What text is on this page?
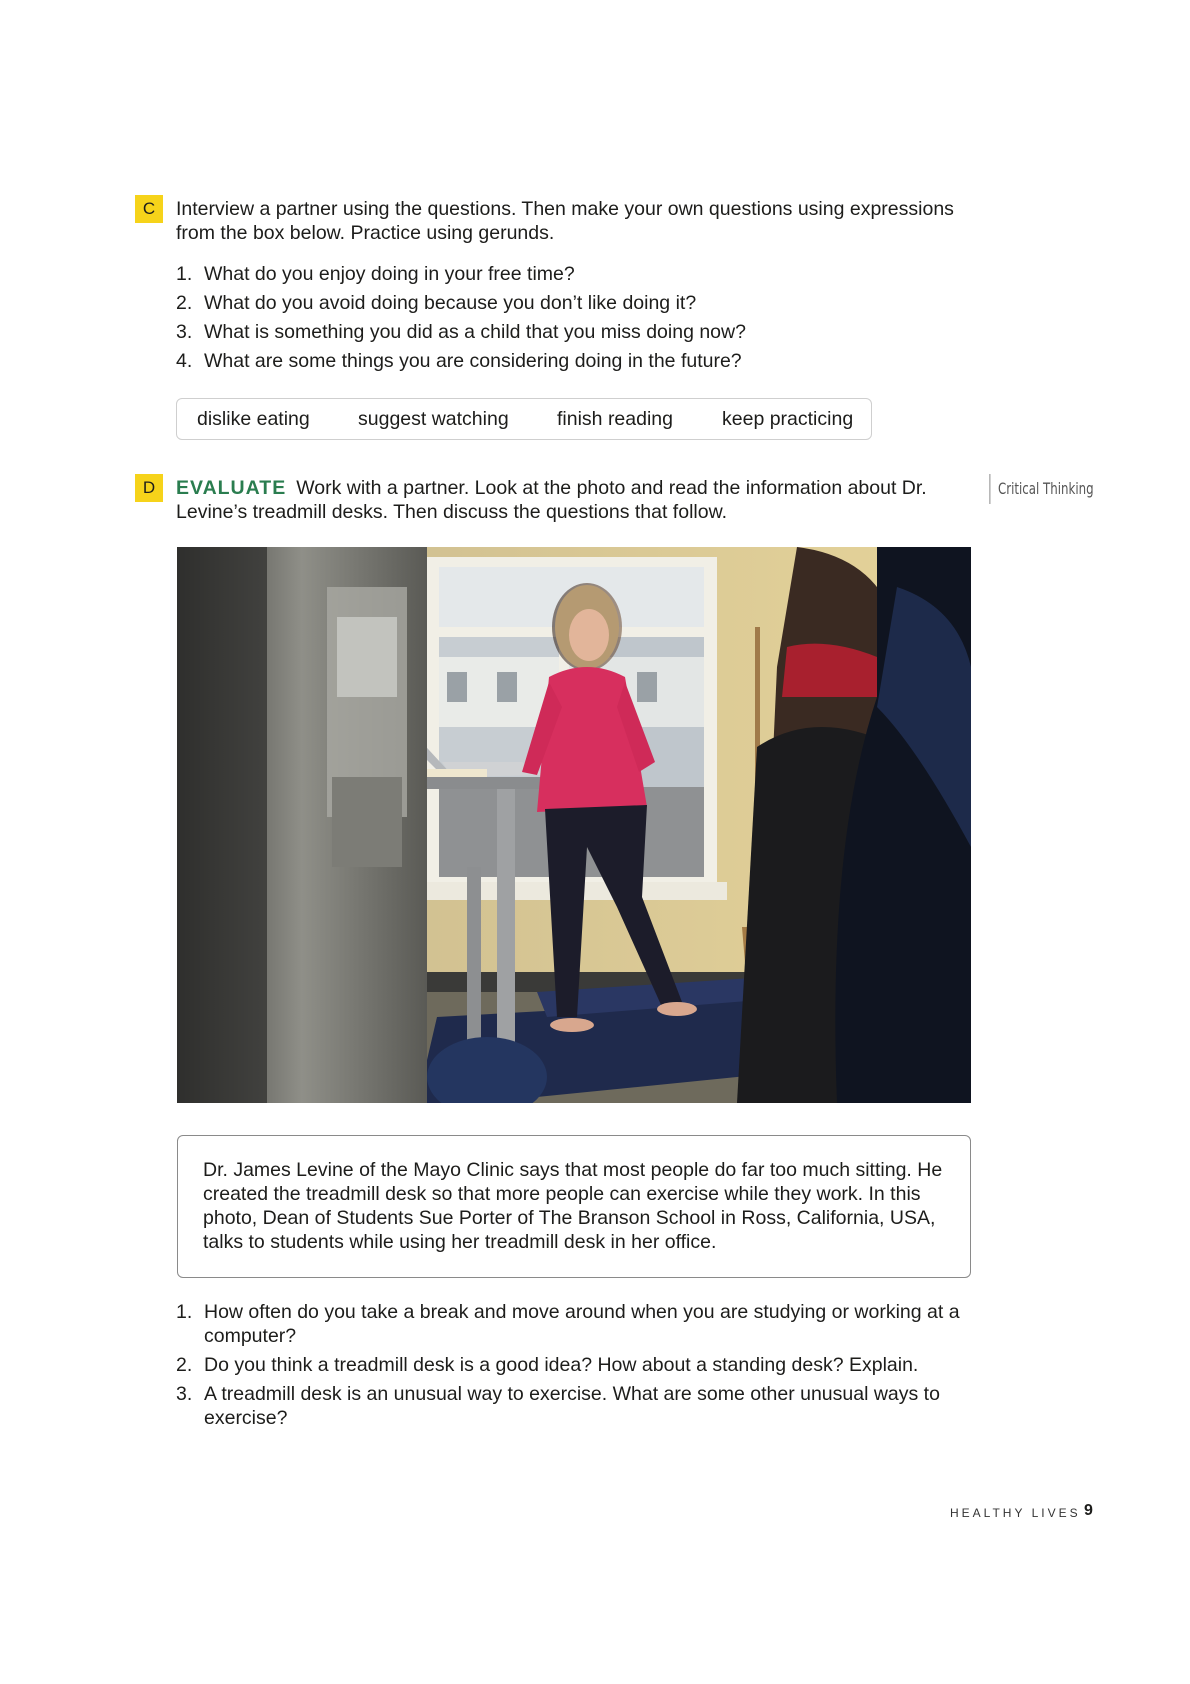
C	Interview a partner using the questions. Then make your own questions using expressions from the box below. Practice using gerunds.

1. What do you enjoy doing in your free time?
2. What do you avoid doing because you don’t like doing it?
3. What is something you did as a child that you miss doing now?
4. What are some things you are considering doing in the future?
dislike eating suggest watching finish reading	keep practicing
D	EVALUATE Work with a partner. Look at the photo and read the information about Dr. Levine’s treadmill desks. Then discuss the questions that follow.

Critical Thinking
Dr. James Levine of the Mayo Clinic says that most people do far too much sitting. He created the treadmill desk so that more people can exercise while they work. In this photo, Dean of Students Sue Porter of The Branson School in Ross, California, USA, talks to students while using her treadmill desk in her office.
1. How often do you take a break and move around when you are studying or working at a computer?
2. Do you think a treadmill desk is a good idea? How about a standing desk? Explain.
3. A treadmill desk is an unusual way to exercise. What are some other unusual ways to exercise?
HEALTHY LIVES 9
